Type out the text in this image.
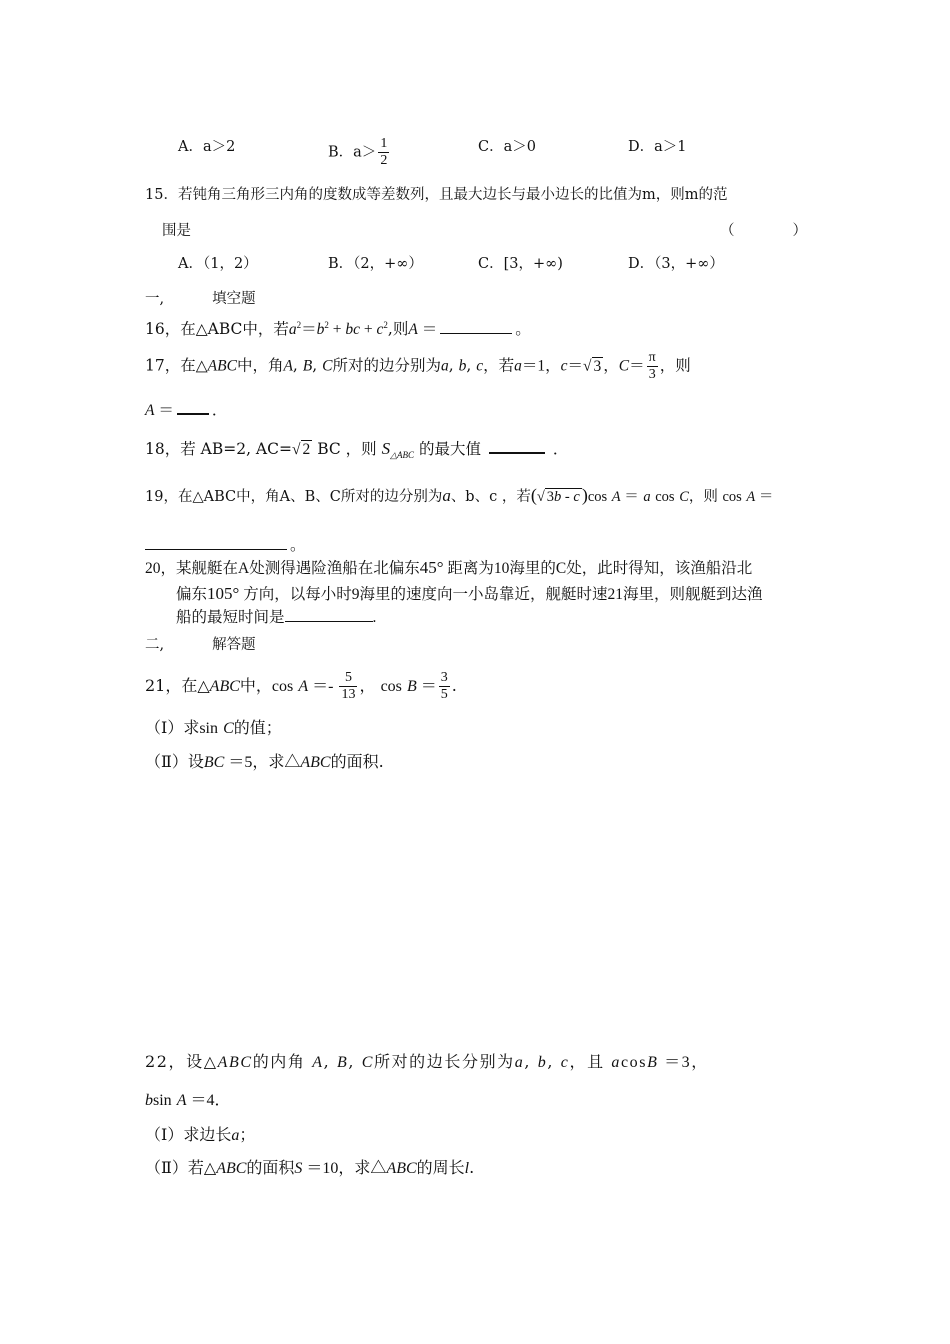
A．a＞2	B．$a> \frac{1}{2}$	C．a＞0	D．a＞1
15．若钝角三角形三内角的度数成等差数列，且最大边长与最小边长的比值为m，则m的范
围是	（　　　　）
A．（1，2）	B．（2，+∞）	C．[3，+∞)	D．（3，+∞）
一,	填空题
16，在△ABC中，若$a^2=b^2$ + bc + $c^2$,则A ＝	。
17，在△ABC中，角A, B, C所对的边分别为a, b, c，若a＝1，c＝√ 3 ，$C= \frac{\pi}{3}$ ，则
A ＝ ．
18，若 AB=2, AC=√ 2 BC ，则 $S_{\triangle ABC}$ 的最大值	．
19，在△ABC中，角A、B、C所对的边分别为a、b、c ，若(√ 3b - c )cos A ＝ a cos C，则 cos A ＝
。
20，某舰艇在A处测得遇险渔船在北偏东45° 距离为10海里的C处，此时得知，该渔船沿北
偏东105° 方向，以每小时9海里的速度向一小岛靠近，舰艇时速21海里，则舰艇到达渔
船的最短时间是	.
二,	解答题
21，在△ABC中，$\cos A =- \frac{5}{13}$ ， $\cos B = \frac{3}{5}$ .
（Ⅰ）求sin C的值；
（Ⅱ）设BC ＝5，求△ABC的面积.
22，设△ABC的内角 A, B, C所对的边长分别为a, b, c，且 acosB ＝3，
bsin A ＝4．
（Ⅰ）求边长a；
（Ⅱ）若△ABC的面积S ＝10，求△ABC的周长l.
